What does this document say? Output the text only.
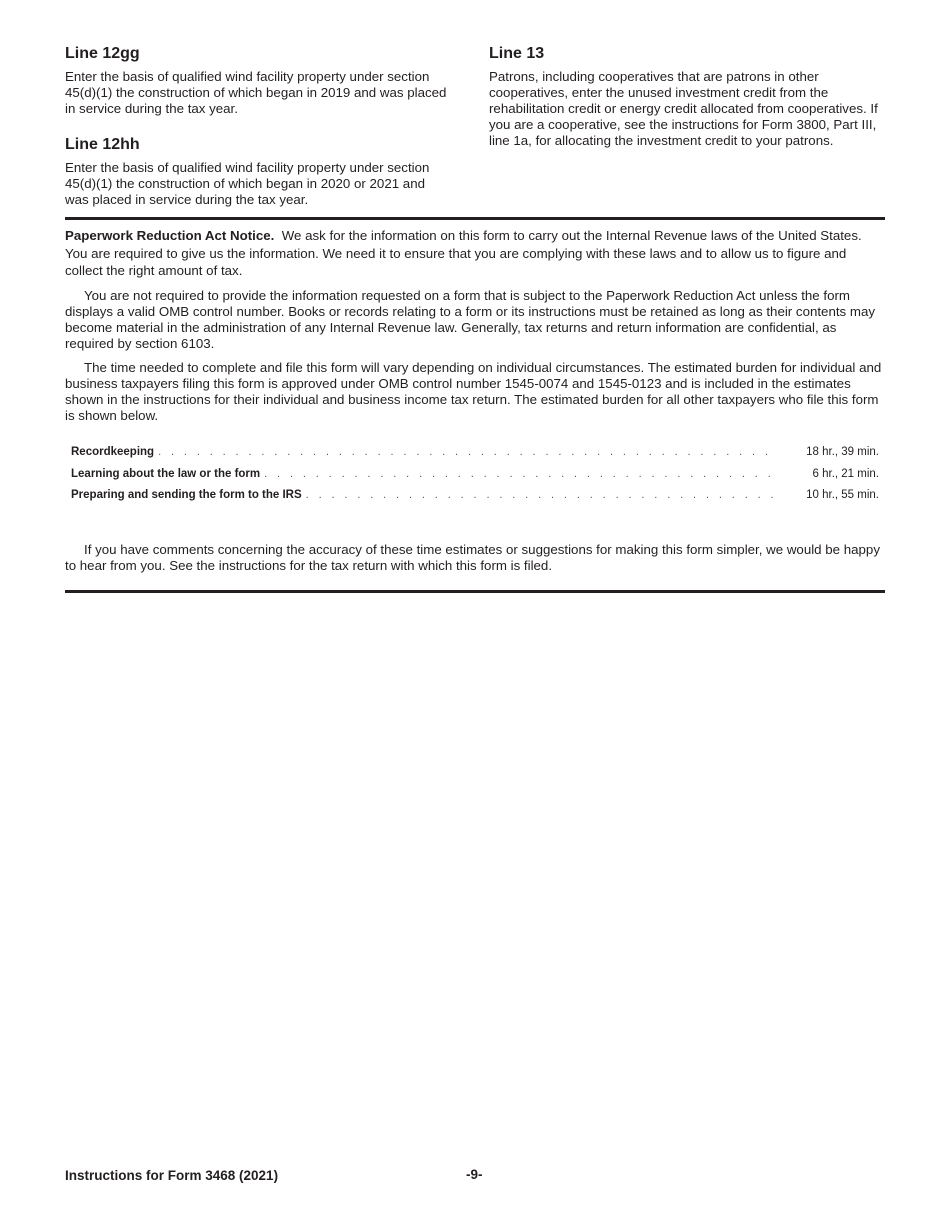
Line 12gg
Enter the basis of qualified wind facility property under section 45(d)(1) the construction of which began in 2019 and was placed in service during the tax year.
Line 12hh
Enter the basis of qualified wind facility property under section 45(d)(1) the construction of which began in 2020 or 2021 and was placed in service during the tax year.
Line 13
Patrons, including cooperatives that are patrons in other cooperatives, enter the unused investment credit from the rehabilitation credit or energy credit allocated from cooperatives. If you are a cooperative, see the instructions for Form 3800, Part III, line 1a, for allocating the investment credit to your patrons.
Paperwork Reduction Act Notice. We ask for the information on this form to carry out the Internal Revenue laws of the United States. You are required to give us the information. We need it to ensure that you are complying with these laws and to allow us to figure and collect the right amount of tax.
You are not required to provide the information requested on a form that is subject to the Paperwork Reduction Act unless the form displays a valid OMB control number. Books or records relating to a form or its instructions must be retained as long as their contents may become material in the administration of any Internal Revenue law. Generally, tax returns and return information are confidential, as required by section 6103.
The time needed to complete and file this form will vary depending on individual circumstances. The estimated burden for individual and business taxpayers filing this form is approved under OMB control number 1545-0074 and 1545-0123 and is included in the estimates shown in the instructions for their individual and business income tax return. The estimated burden for all other taxpayers who file this form is shown below.
Recordkeeping . . .	18 hr., 39 min.
Learning about the law or the form . . .	6 hr., 21 min.
Preparing and sending the form to the IRS . . .	10 hr., 55 min.
If you have comments concerning the accuracy of these time estimates or suggestions for making this form simpler, we would be happy to hear from you. See the instructions for the tax return with which this form is filed.
Instructions for Form 3468 (2021)	-9-
